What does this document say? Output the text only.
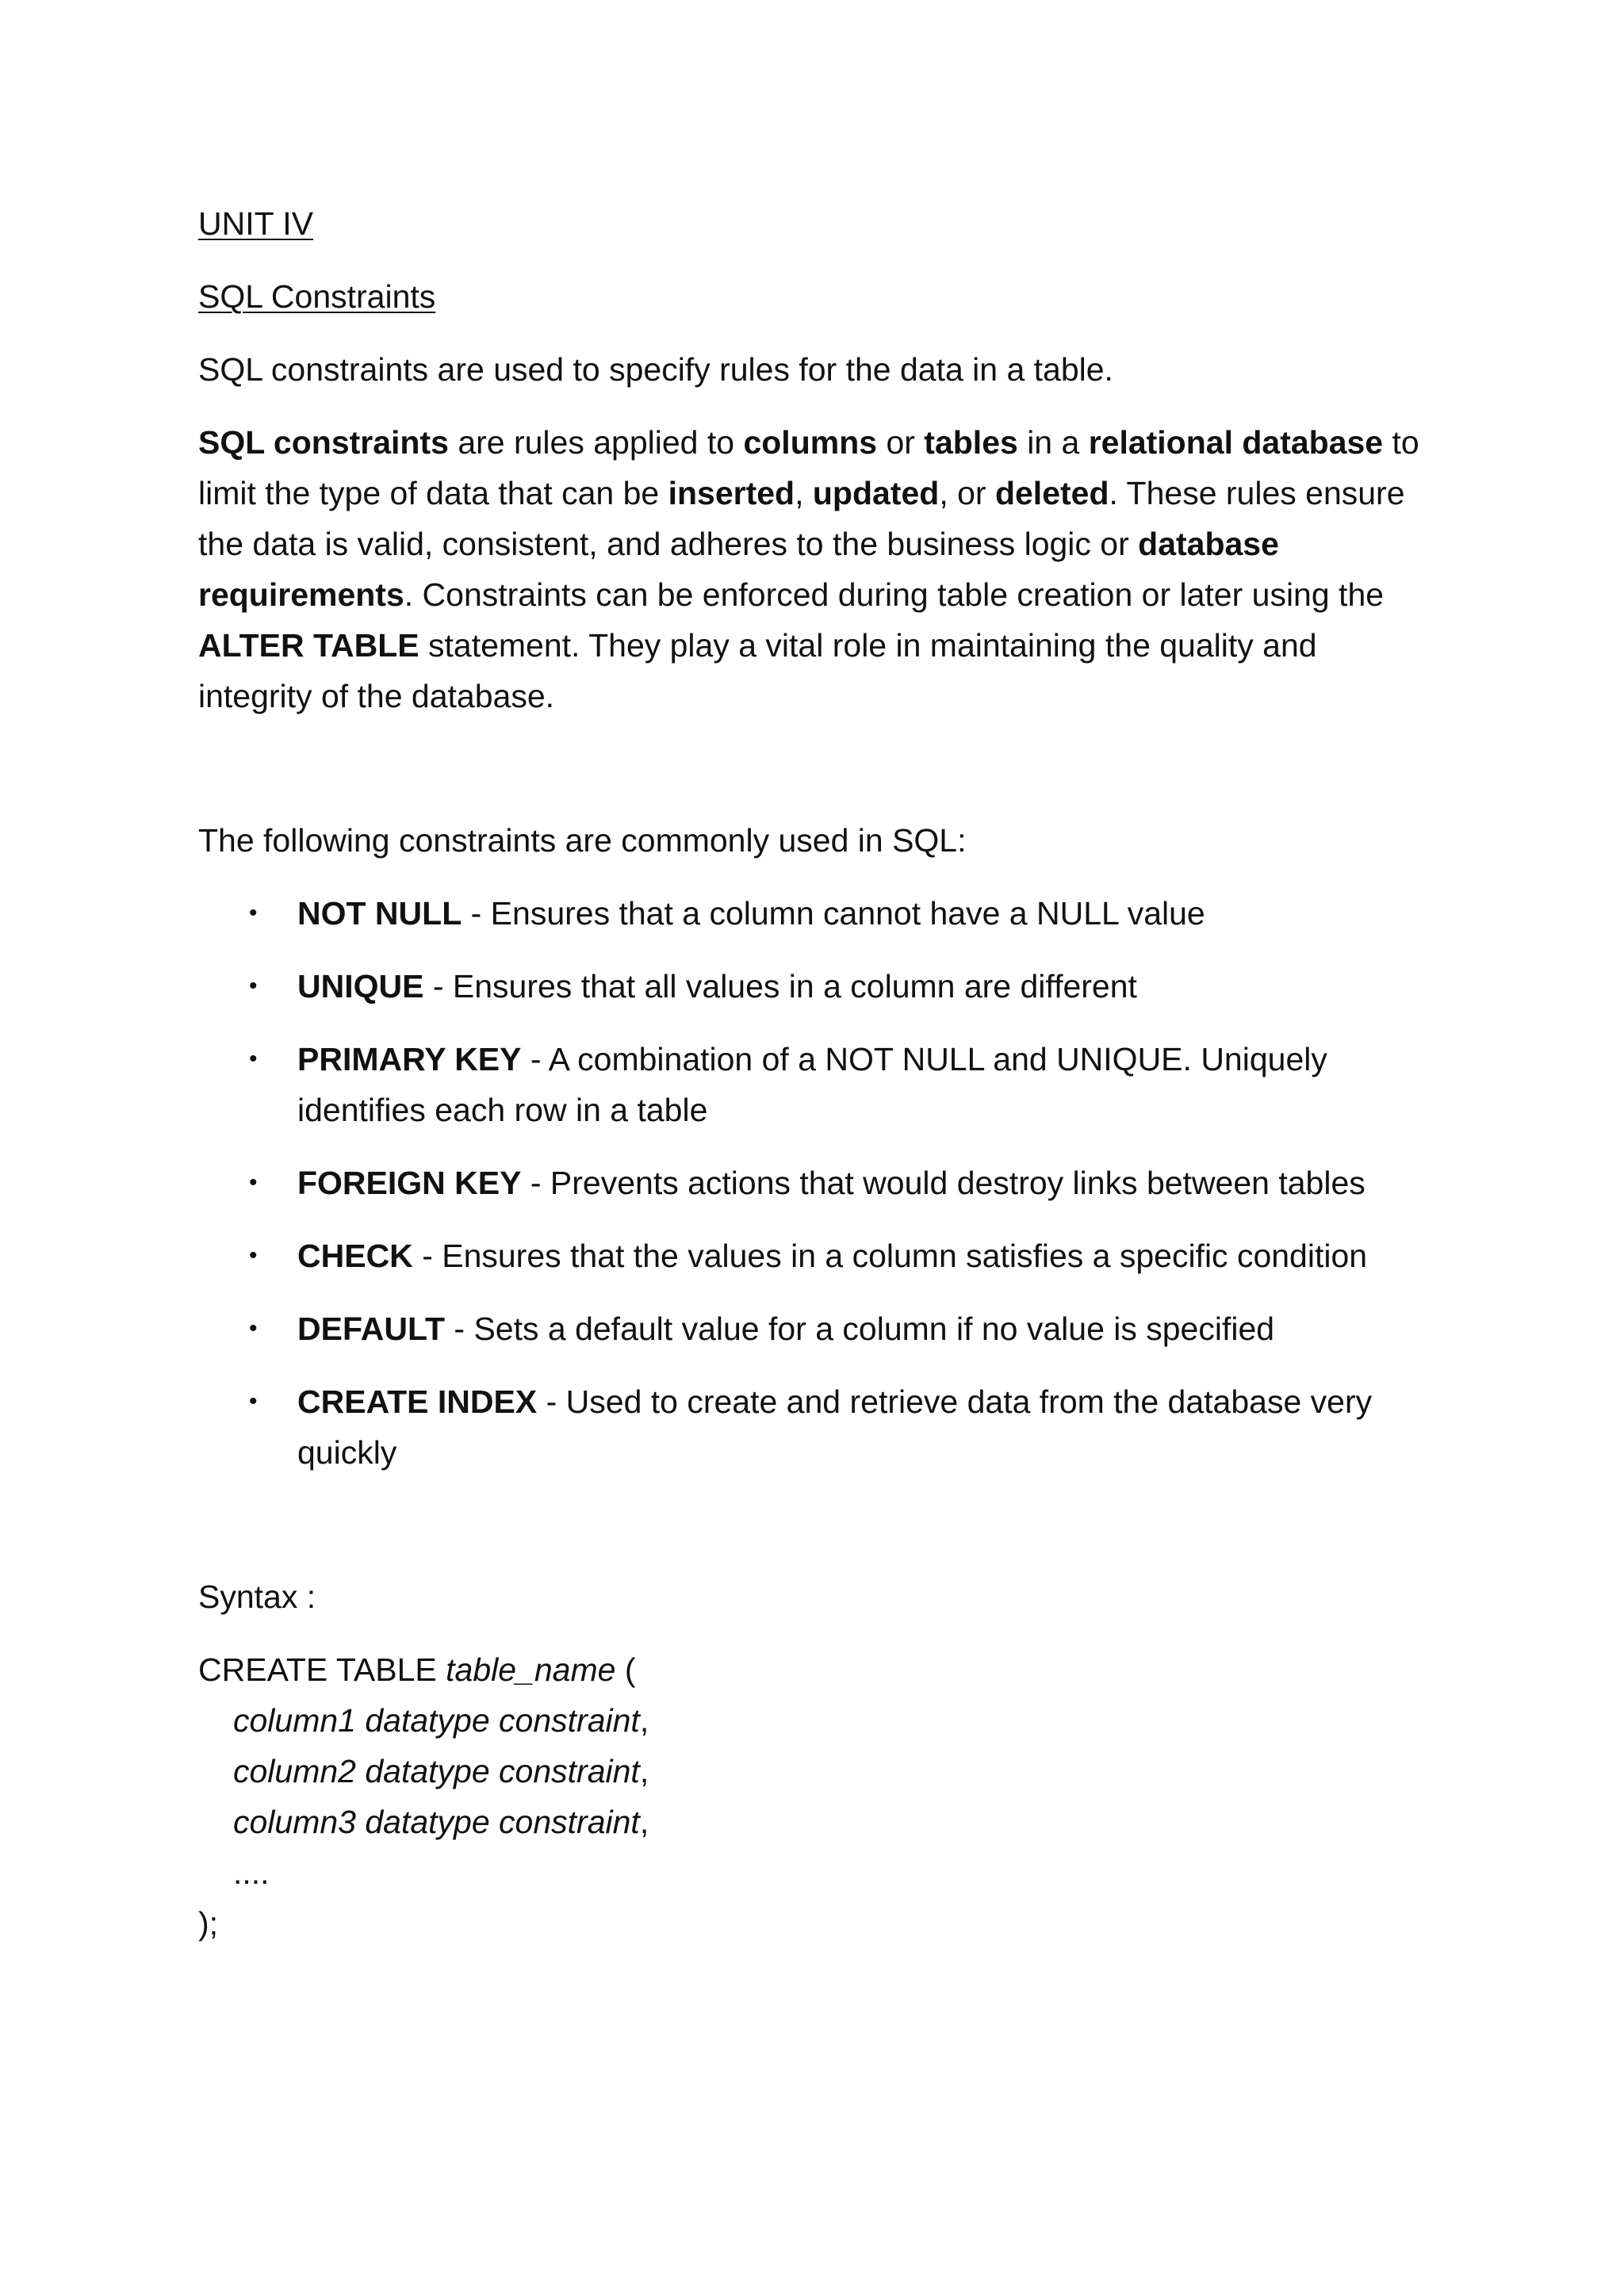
UNIT IV

SQL Constraints

SQL constraints are used to specify rules for the data in a table.

SQL constraints are rules applied to columns or tables in a relational database to limit the type of data that can be inserted, updated, or deleted. These rules ensure the data is valid, consistent, and adheres to the business logic or database requirements. Constraints can be enforced during table creation or later using the ALTER TABLE statement. They play a vital role in maintaining the quality and integrity of the database.

The following constraints are commonly used in SQL:

• NOT NULL - Ensures that a column cannot have a NULL value
• UNIQUE - Ensures that all values in a column are different
• PRIMARY KEY - A combination of a NOT NULL and UNIQUE. Uniquely identifies each row in a table
• FOREIGN KEY - Prevents actions that would destroy links between tables
• CHECK - Ensures that the values in a column satisfies a specific condition
• DEFAULT - Sets a default value for a column if no value is specified
• CREATE INDEX - Used to create and retrieve data from the database very quickly

Syntax :

CREATE TABLE table_name (
column1 datatype constraint,
column2 datatype constraint,
column3 datatype constraint,
....
);
